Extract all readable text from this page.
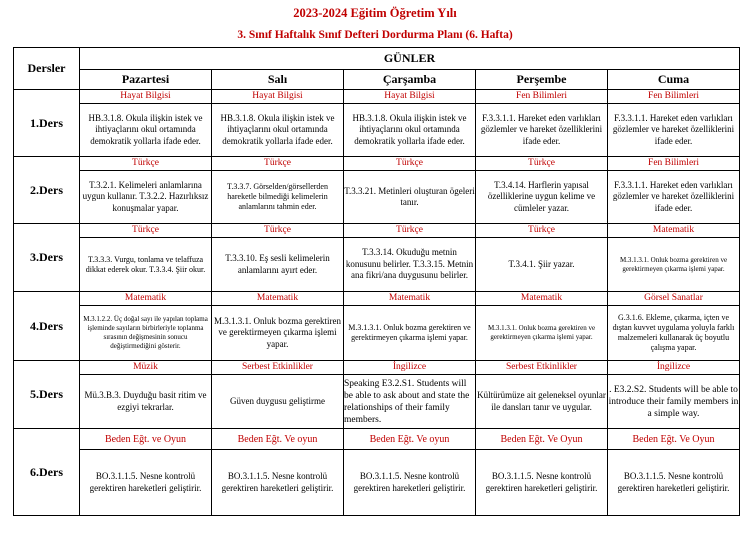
2023-2024 Eğitim Öğretim Yılı
3. Sınıf Haftalık Sınıf Defteri Dordurma Planı (6. Hafta)
Dersler	GÜNLER				
	Pazartesi	Salı	Çarşamba	Perşembe	Cuma
1.Ders	Hayat Bilgisi	Hayat Bilgisi	Hayat Bilgisi	Fen Bilimleri	Fen Bilimleri
	HB.3.1.8. Okula ilişkin istek ve ihtiyaçlarını okul ortamında demokratik yollarla ifade eder.	HB.3.1.8. Okula ilişkin istek ve ihtiyaçlarını okul ortamında demokratik yollarla ifade eder.	HB.3.1.8. Okula ilişkin istek ve ihtiyaçlarını okul ortamında demokratik yollarla ifade eder.	F.3.3.1.1. Hareket eden varlıkları gözlemler ve hareket özelliklerini ifade eder.	F.3.3.1.1. Hareket eden varlıkları gözlemler ve hareket özelliklerini ifade eder.
2.Ders	Türkçe	Türkçe	Türkçe	Türkçe	Fen Bilimleri
	T.3.2.1. Kelimeleri anlamlarına uygun kullanır. T.3.2.2. Hazırlıksız konuşmalar yapar.	T.3.3.7. Görselden/görsellerden hareketle bilmediği kelimelerin anlamlarını tahmin eder.	T.3.3.21. Metinleri oluşturan ögeleri tanır.	T.3.4.14. Harflerin yapısal özelliklerine uygun kelime ve cümleler yazar.	F.3.3.1.1. Hareket eden varlıkları gözlemler ve hareket özelliklerini ifade eder.
3.Ders	Türkçe	Türkçe	Türkçe	Türkçe	Matematik
	T.3.3.3. Vurgu, tonlama ve telaffuza dikkat ederek okur. T.3.3.4. Şiir okur.	T.3.3.10. Eş sesli kelimelerin anlamlarını ayırt eder.	T.3.3.14. Okuduğu metnin konusunu belirler. T.3.3.15. Metnin ana fikri/ana duygusunu belirler.	T.3.4.1. Şiir yazar.	M.3.1.3.1. Onluk bozma gerektiren ve gerektirmeyen çıkarma işlemi yapar.
4.Ders	Matematik	Matematik	Matematik	Matematik	Görsel Sanatlar
	M.3.1.2.2. Üç doğal sayı ile yapılan toplama işleminde sayıların birbirleriyle toplanma sırasının değişmesinin sonucu değiştirmediğini gösterir.	M.3.1.3.1. Onluk bozma gerektiren ve gerektirmeyen çıkarma işlemi yapar.	M.3.1.3.1. Onluk bozma gerektiren ve gerektirmeyen çıkarma işlemi yapar.	M.3.1.3.1. Onluk bozma gerektiren ve gerektirmeyen çıkarma işlemi yapar.	G.3.1.6. Ekleme, çıkarma, içten ve dıştan kuvvet uygulama yoluyla farklı malzemeleri kullanarak üç boyutlu çalışma yapar.
5.Ders	Müzik	Serbest Etkinlikler	İngilizce	Serbest Etkinlikler	İngilizce
	Mü.3.B.3. Duyduğu basit ritim ve ezgiyi tekrarlar.	Güven duygusu geliştirme	Speaking E3.2.S1. Students will be able to ask about and state the relationships of their family members.	Kültürümüze ait geleneksel oyunlar ile dansları tanır ve uygular.	. E3.2.S2. Students will be able to introduce their family members in a simple way.
6.Ders	Beden Eğt. ve Oyun	Beden Eğt. Ve oyun	Beden Eğt. Ve oyun	Beden Eğt. Ve Oyun	Beden Eğt. Ve Oyun
	BO.3.1.1.5. Nesne kontrolü gerektiren hareketleri geliştirir.	BO.3.1.1.5. Nesne kontrolü gerektiren hareketleri geliştirir.	BO.3.1.1.5. Nesne kontrolü gerektiren hareketleri geliştirir.	BO.3.1.1.5. Nesne kontrolü gerektiren hareketleri geliştirir.	BO.3.1.1.5. Nesne kontrolü gerektiren hareketleri geliştirir.
